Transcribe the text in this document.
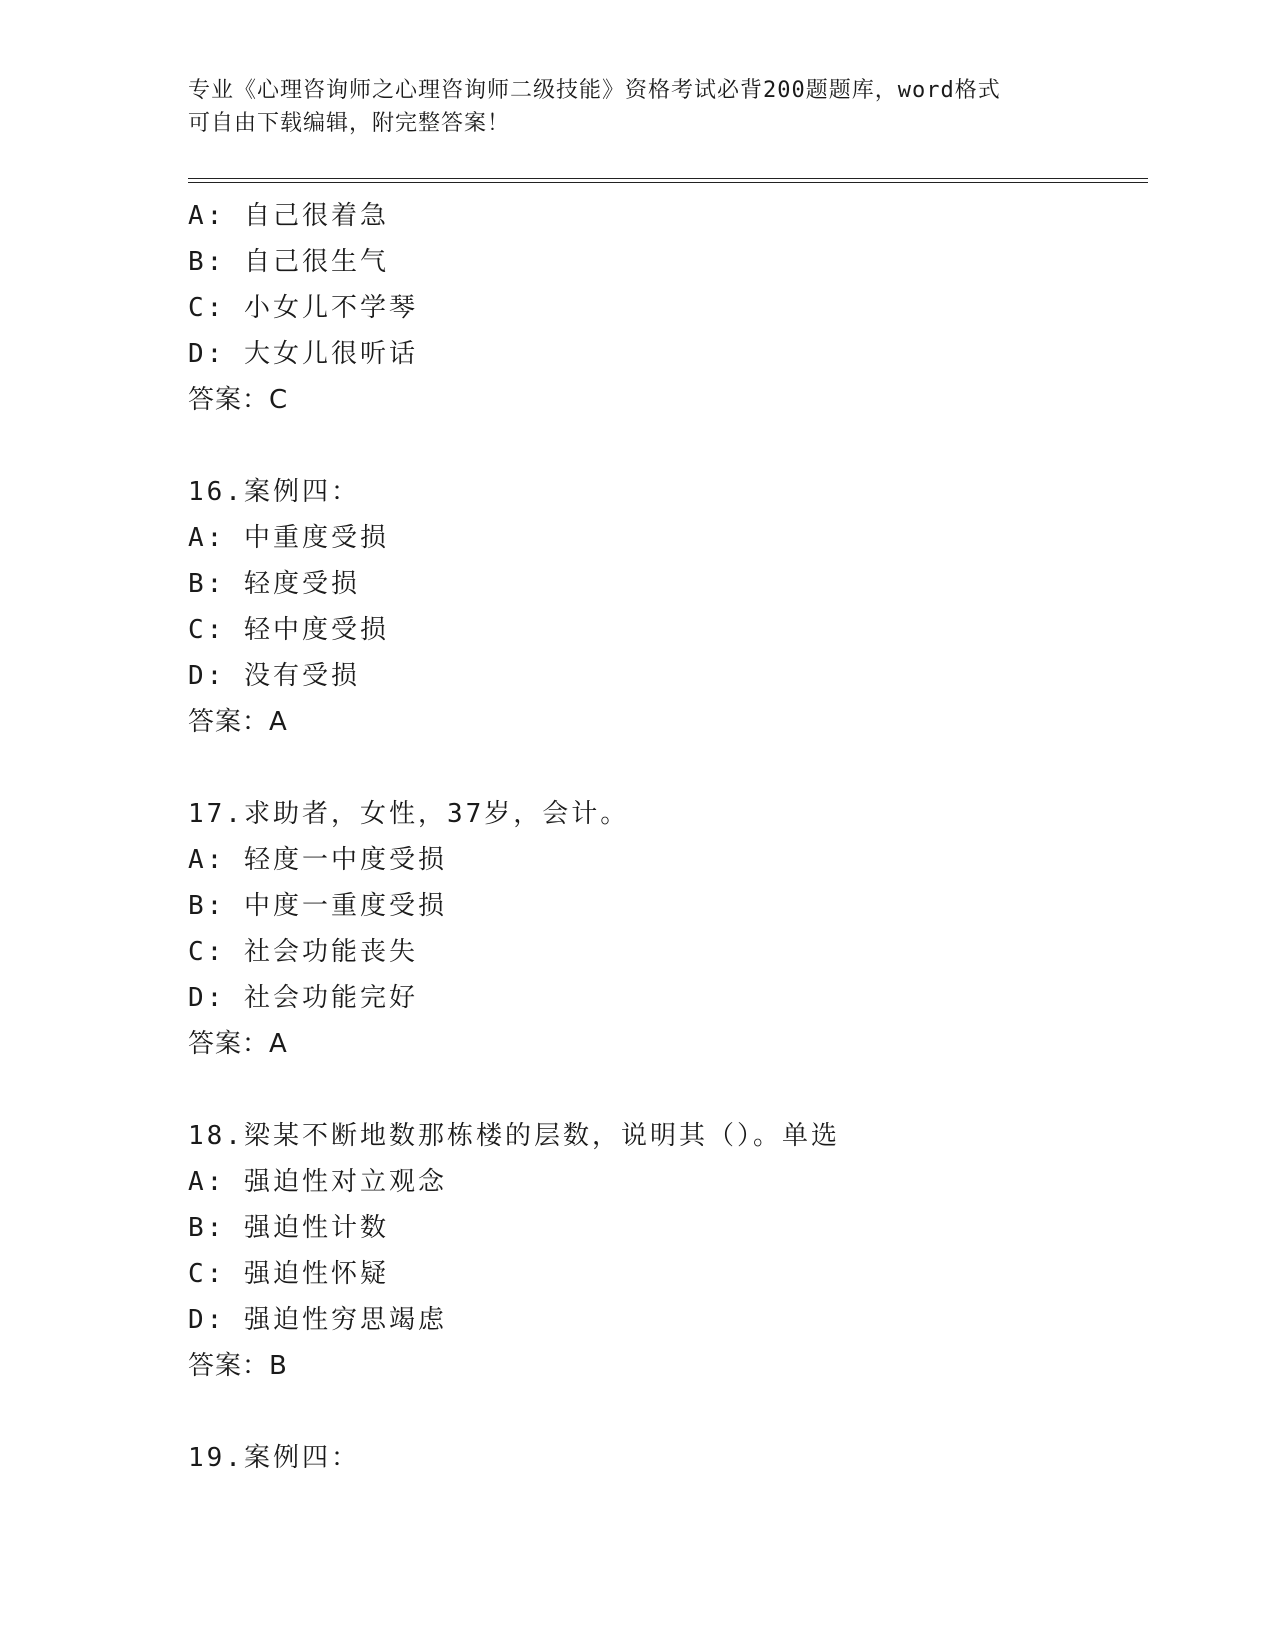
专业《心理咨询师之心理咨询师二级技能》资格考试必背200题题库，word格式
可自由下载编辑，附完整答案！
A: 自己很着急
B: 自己很生气
C: 小女儿不学琴
D: 大女儿很听话
答案：C
16.案例四：
A: 中重度受损
B: 轻度受损
C: 轻中度受损
D: 没有受损
答案：A
17.求助者，女性，37岁，会计。
A: 轻度一中度受损
B: 中度一重度受损
C: 社会功能丧失
D: 社会功能完好
答案：A
18.梁某不断地数那栋楼的层数，说明其（）。单选
A: 强迫性对立观念
B: 强迫性计数
C: 强迫性怀疑
D: 强迫性穷思竭虑
答案：B
19.案例四：
